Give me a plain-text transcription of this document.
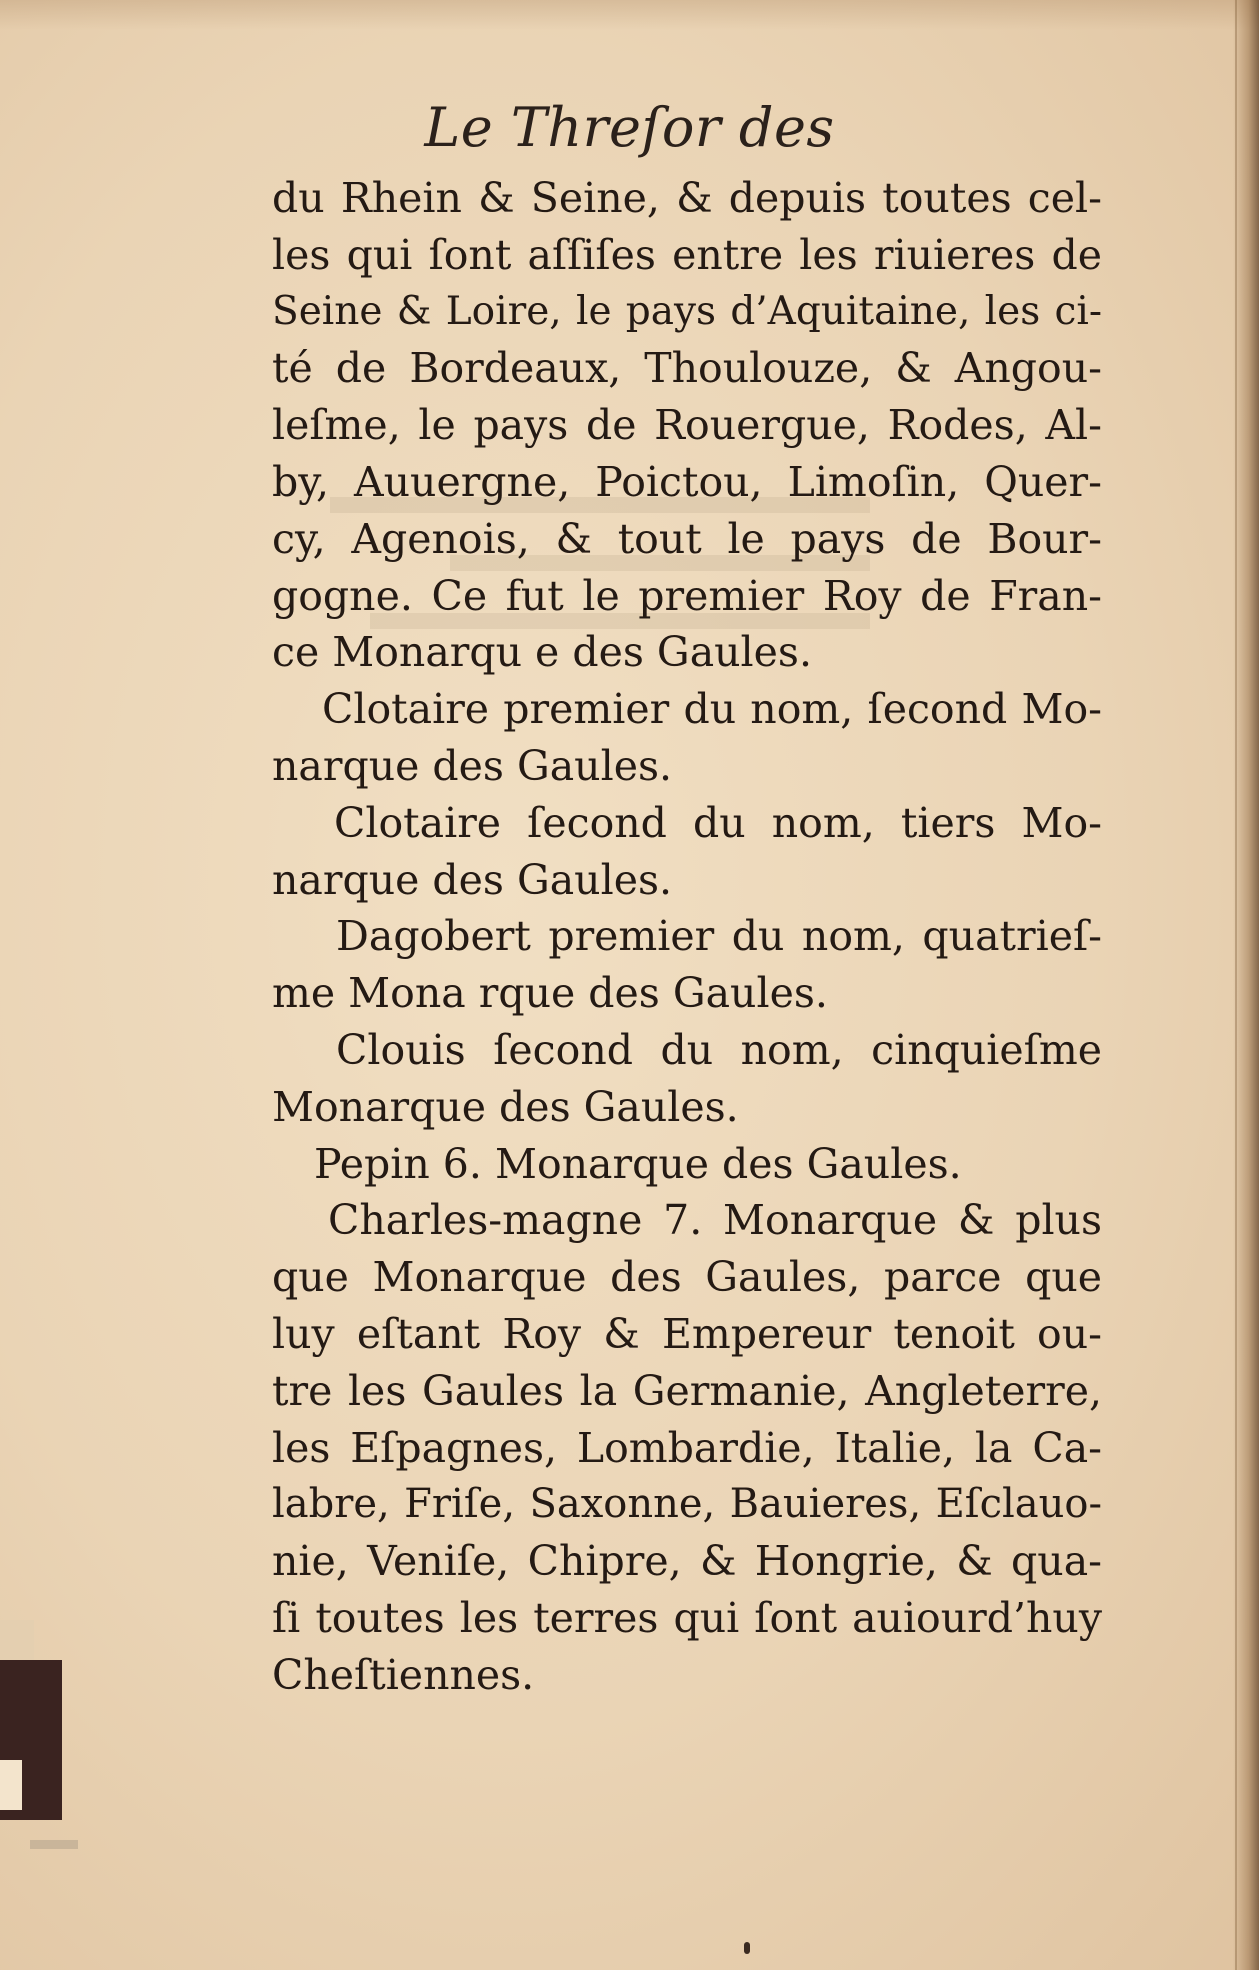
Le Threſor des
du Rhein & Seine, & depuis toutes cel-
les qui ſont aſſiſes entre les riuieres de
Seine & Loire, le pays d’Aquitaine, les ci-
té de Bordeaux, Thoulouze, & Angou-
leſme, le pays de Rouergue, Rodes, Al-
by, Auuergne, Poictou, Limoſin, Quer-
cy, Agenois, & tout le pays de Bour-
gogne. Ce fut le premier Roy de Fran-
ce Monarqu e des Gaules.
Clotaire premier du nom, ſecond Mo-
narque des Gaules.
Clotaire ſecond du nom, tiers Mo-
narque des Gaules.
Dagobert premier du nom, quatrieſ-
me Mona rque des Gaules.
Clouis ſecond du nom, cinquieſme
Monarque des Gaules.
Pepin 6. Monarque des Gaules.
Charles-magne 7. Monarque & plus
que Monarque des Gaules, parce que
luy eſtant Roy & Empereur tenoit ou-
tre les Gaules la Germanie, Angleterre,
les Eſpagnes, Lombardie, Italie, la Ca-
labre, Friſe, Saxonne, Bauieres, Eſclauo-
nie, Veniſe, Chipre, & Hongrie, & qua-
ſi toutes les terres qui ſont auiourd’huy
Cheſtiennes.
